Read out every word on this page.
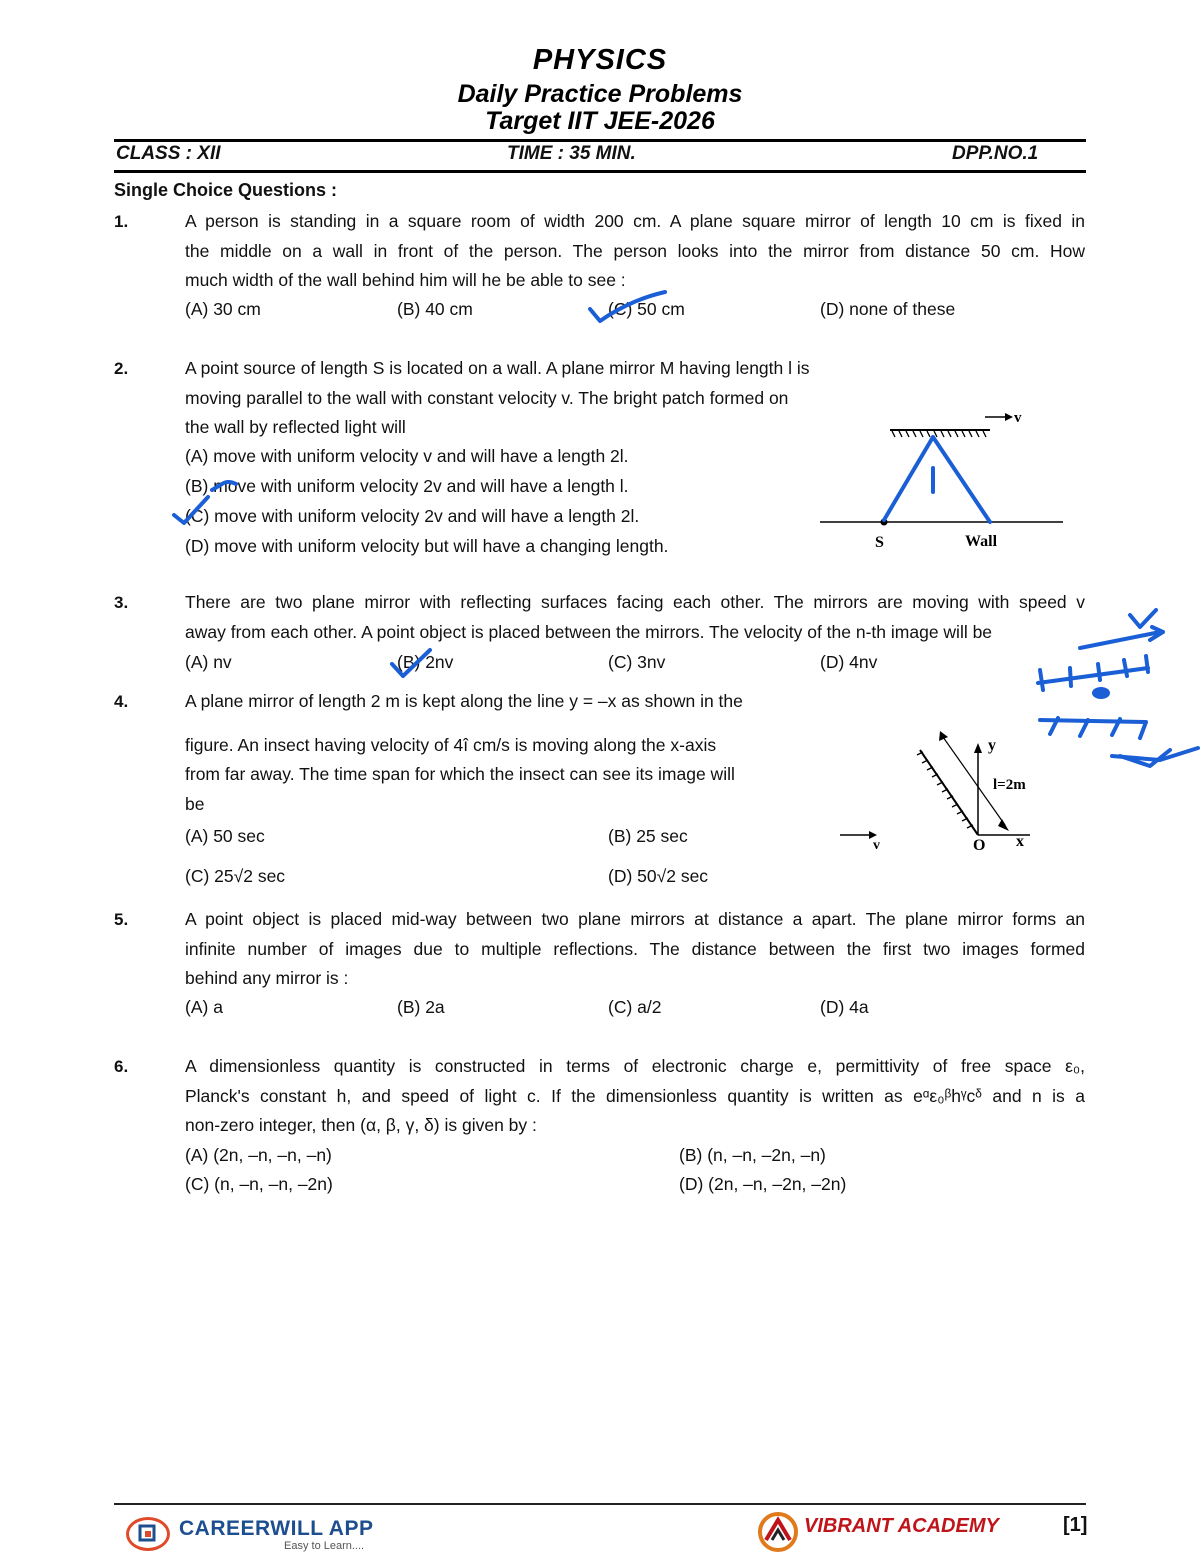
PHYSICS
Daily Practice Problems
Target IIT JEE-2026
CLASS : XII	TIME : 35 MIN.	DPP.NO.1
Single Choice Questions :
1.	A person is standing in a square room of width 200 cm. A plane square mirror of length 10 cm is fixed in
the middle on a wall in front of the person. The person looks into the mirror from distance 50 cm. How
much width of the wall behind him will he be able to see :
(A) 30 cm	(B) 40 cm	(C) 50 cm	(D) none of these
2.	A point source of length S is located on a wall. A plane mirror M having length l is
moving parallel to the wall with constant velocity v. The bright patch formed on
the wall by reflected light will
(A) move with uniform velocity v and will have a length 2l.
(B) move with uniform velocity 2v and will have a length l.
(C) move with uniform velocity 2v and will have a length 2l.
(D) move with uniform velocity but will have a changing length.
v
S	Wall
3.	There are two plane mirror with reflecting surfaces facing each other. The mirrors are moving with speed v
away from each other. A point object is placed between the mirrors. The velocity of the n-th image will be
(A) nv	(B) 2nv	(C) 3nv	(D) 4nv
4.	A plane mirror of length 2 m is kept along the line y = –x as shown in the
figure. An insect having velocity of 4î cm/s is moving along the x-axis
from far away. The time span for which the insect can see its image will
be
(A) 50 sec	(B) 25 sec
(C) 25√2 sec	(D) 50√2 sec
v
y
x
O
l=2m
5.	A point object is placed mid-way between two plane mirrors at distance a apart. The plane mirror forms an
infinite number of images due to multiple reflections. The distance between the first two images formed
behind any mirror is :
(A) a	(B) 2a	(C) a/2	(D) 4a
6.	A dimensionless quantity is constructed in terms of electronic charge e, permittivity of free space ε₀,
Planck's constant h, and speed of light c. If the dimensionless quantity is written as eᵅε₀ᵝhᵞcᵟ and n is a
non-zero integer, then (α, β, γ, δ) is given by :
(A) (2n, –n, –n, –n)	(B) (n, –n, –2n, –n)
(C) (n, –n, –n, –2n)	(D) (2n, –n, –2n, –2n)
CAREERWILL APP
Easy to Learn....
VIBRANT ACADEMY	[1]
